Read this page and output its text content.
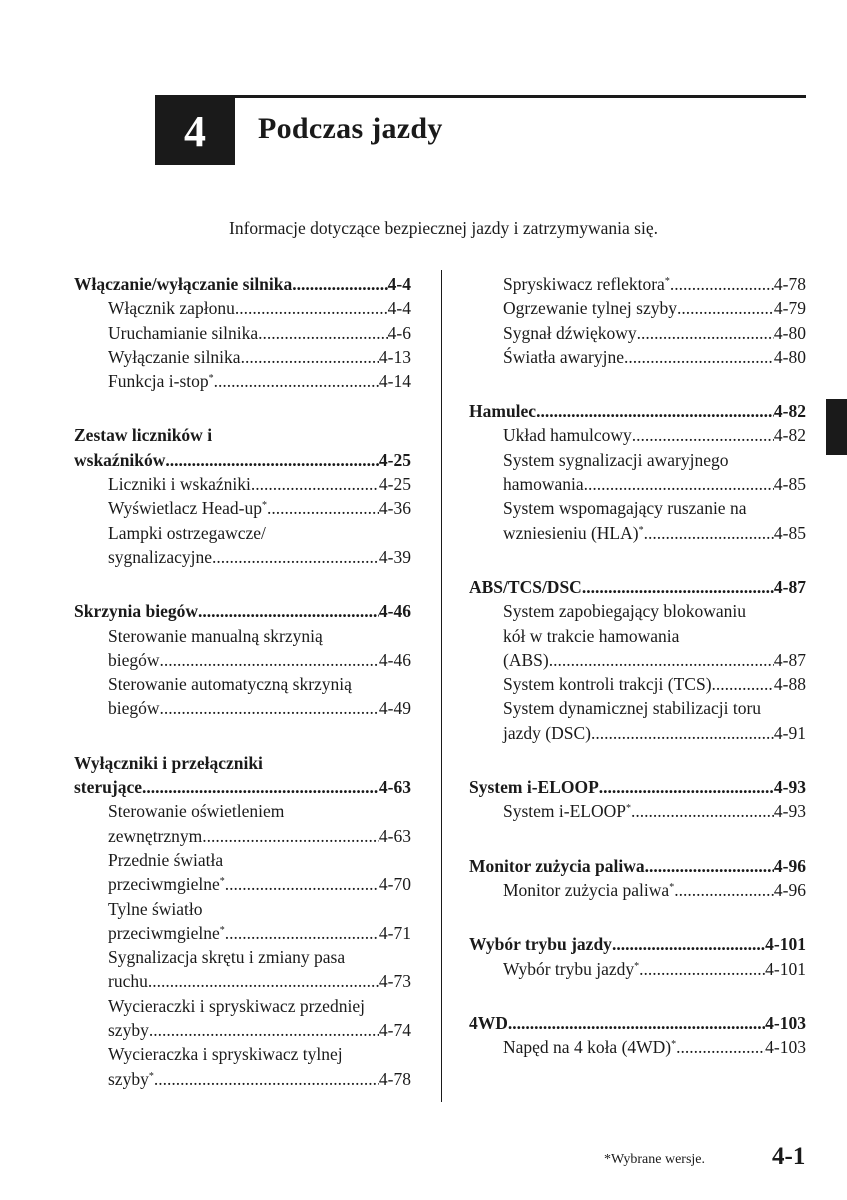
4 Podczas jazdy
Informacje dotyczące bezpiecznej jazdy i zatrzymywania się.
Włączanie/wyłączanie silnika .....	4-4
Włącznik zapłonu .....	4-4
Uruchamianie silnika .....	4-6
Wyłączanie silnika .....	4-13
Funkcja i-stop* .....	4-14
Zestaw liczników i
wskaźników .....	4-25
Liczniki i wskaźniki .....	4-25
Wyświetlacz Head-up* .....	4-36
Lampki ostrzegawcze/
sygnalizacyjne .....	4-39
Skrzynia biegów .....	4-46
Sterowanie manualną skrzynią
biegów .....	4-46
Sterowanie automatyczną skrzynią
biegów .....	4-49
Wyłączniki i przełączniki
sterujące .....	4-63
Sterowanie oświetleniem
zewnętrznym .....	4-63
Przednie światła
przeciwmgielne* .....	4-70
Tylne światło
przeciwmgielne* .....	4-71
Sygnalizacja skrętu i zmiany pasa
ruchu .....	4-73
Wycieraczki i spryskiwacz przedniej
szyby .....	4-74
Wycieraczka i spryskiwacz tylnej
szyby* .....	4-78
Spryskiwacz reflektora* .....	4-78
Ogrzewanie tylnej szyby .....	4-79
Sygnał dźwiękowy .....	4-80
Światła awaryjne .....	4-80
Hamulec .....	4-82
Układ hamulcowy .....	4-82
System sygnalizacji awaryjnego
hamowania .....	4-85
System wspomagający ruszanie na
wzniesieniu (HLA)* .....	4-85
ABS/TCS/DSC .....	4-87
System zapobiegający blokowaniu
kół w trakcie hamowania
(ABS) .....	4-87
System kontroli trakcji (TCS) .....	4-88
System dynamicznej stabilizacji toru
jazdy (DSC) .....	4-91
System i-ELOOP .....	4-93
System i-ELOOP* .....	4-93
Monitor zużycia paliwa .....	4-96
Monitor zużycia paliwa* .....	4-96
Wybór trybu jazdy .....	4-101
Wybór trybu jazdy* .....	4-101
4WD .....	4-103
Napęd na 4 koła (4WD)* .....	4-103
*Wybrane wersje.	4-1
